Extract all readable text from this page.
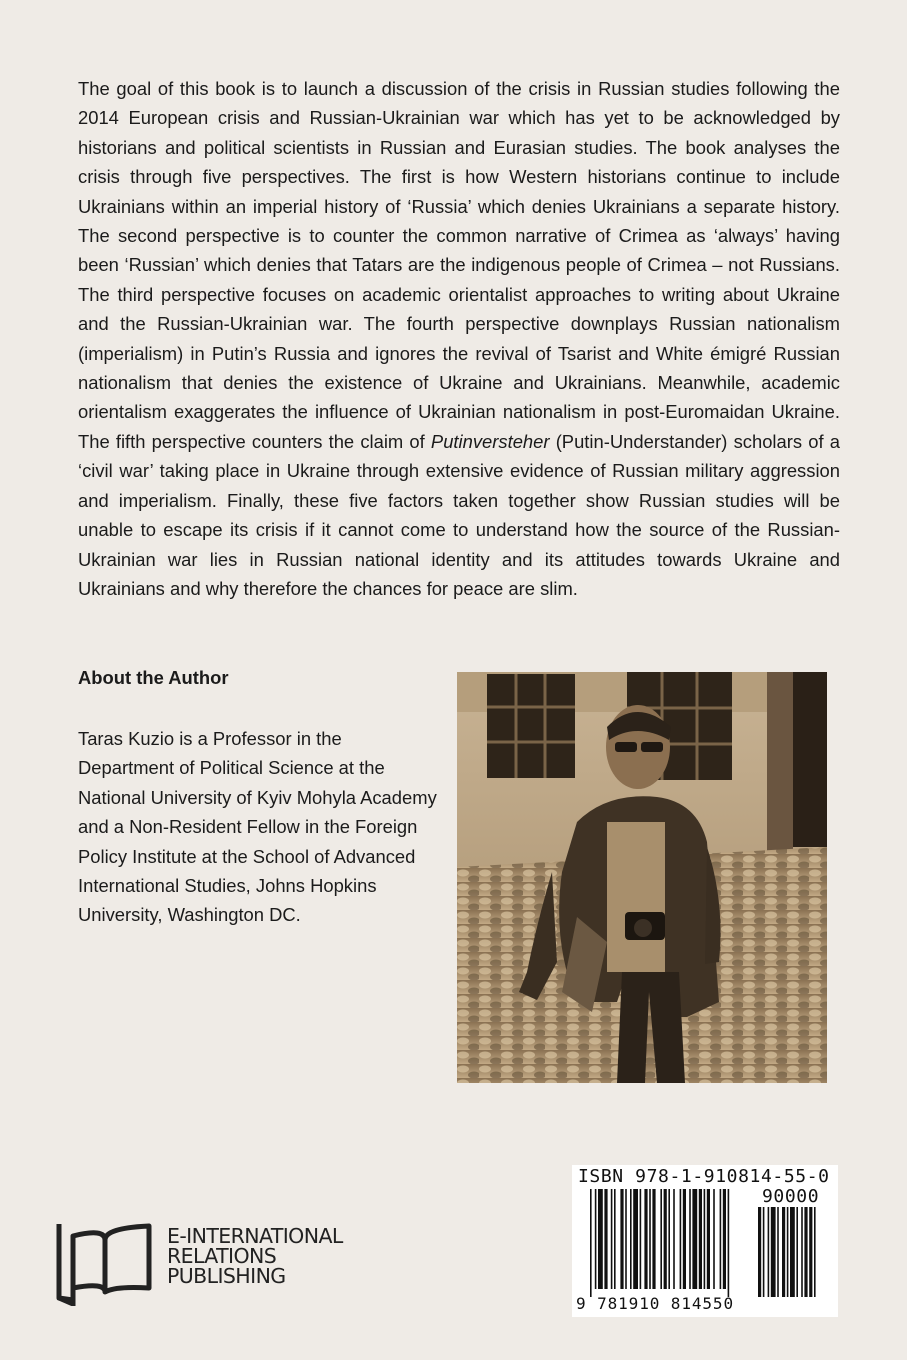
The goal of this book is to launch a discussion of the crisis in Russian studies following the 2014 European crisis and Russian-Ukrainian war which has yet to be acknowledged by historians and political scientists in Russian and Eurasian studies. The book analyses the crisis through five perspectives. The first is how Western historians continue to include Ukrainians within an imperial history of ‘Russia’ which denies Ukrainians a separate history. The second perspective is to counter the common narrative of Crimea as ‘always’ having been ‘Russian’ which denies that Tatars are the indigenous people of Crimea – not Russians. The third perspective focuses on academic orientalist approaches to writing about Ukraine and the Russian-Ukrainian war. The fourth perspective downplays Russian nationalism (imperialism) in Putin’s Russia and ignores the revival of Tsarist and White émigré Russian nationalism that denies the existence of Ukraine and Ukrainians. Meanwhile, academic orientalism exaggerates the influence of Ukrainian nationalism in post-Euromaidan Ukraine. The fifth perspective counters the claim of Putinversteher (Putin-Understander) scholars of a ‘civil war’ taking place in Ukraine through extensive evidence of Russian military aggression and imperialism. Finally, these five factors taken together show Russian studies will be unable to escape its crisis if it cannot come to understand how the source of the Russian-Ukrainian war lies in Russian national identity and its attitudes towards Ukraine and Ukrainians and why therefore the chances for peace are slim.

About the Author

Taras Kuzio is a Professor in the Department of Political Science at the National University of Kyiv Mohyla Academy and a Non-Resident Fellow in the Foreign Policy Institute at the School of Advanced International Studies, Johns Hopkins University, Washington DC.

E-INTERNATIONAL
RELATIONS
PUBLISHING

ISBN 978-1-910814-55-0

90000

9 781910 814550
